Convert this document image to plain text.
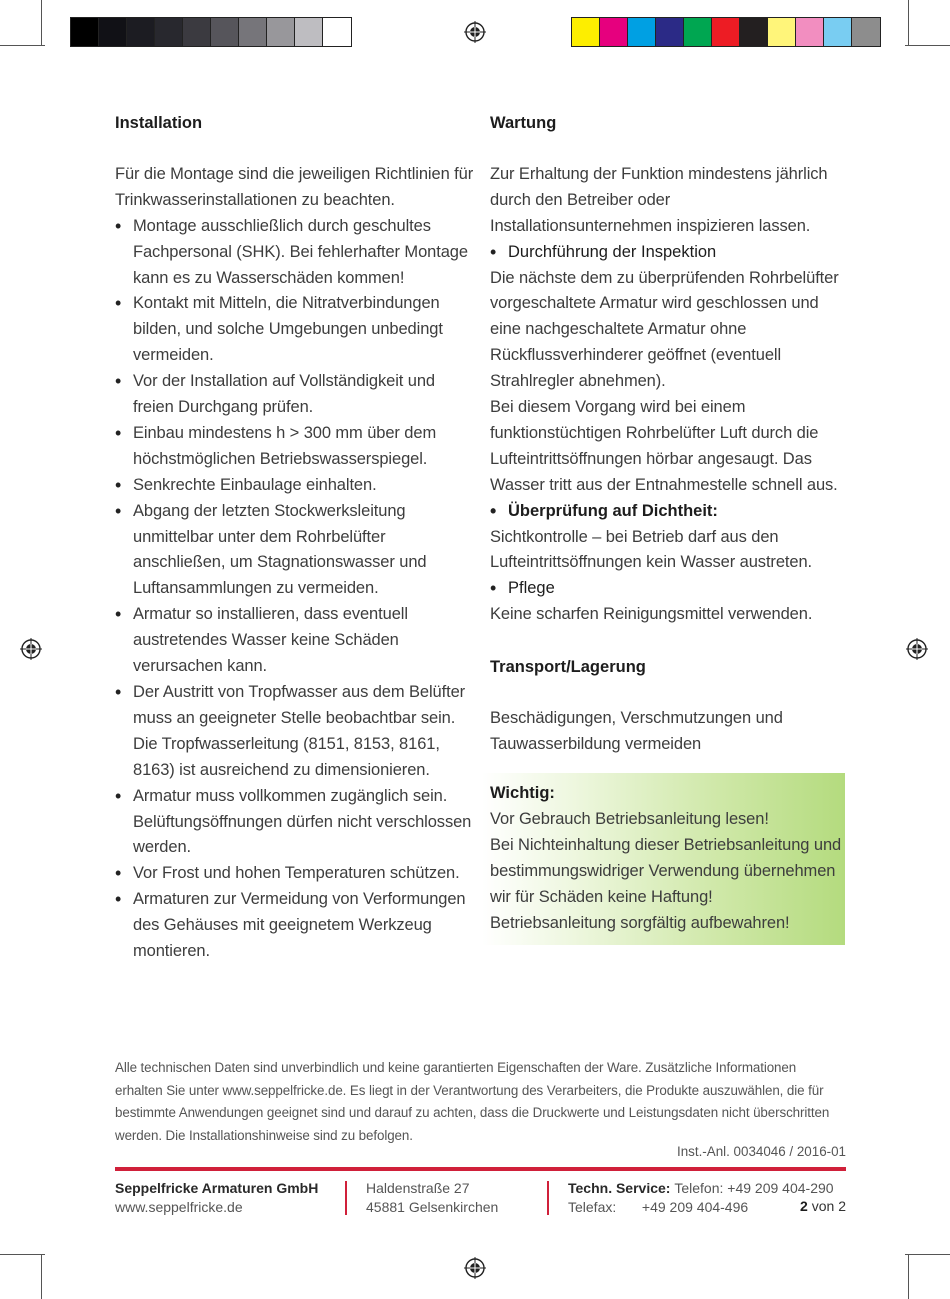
Installation
Für die Montage sind die jeweiligen Richtlinien für Trinkwasserinstallationen zu beachten.
• Montage ausschließlich durch geschultes Fachpersonal (SHK). Bei fehlerhafter Montage kann es zu Wasserschäden kommen!
• Kontakt mit Mitteln, die Nitratverbindungen bilden, und solche Umgebungen unbedingt vermeiden.
• Vor der Installation auf Vollständigkeit und freien Durchgang prüfen.
• Einbau mindestens h > 300 mm über dem höchstmöglichen Betriebswasserspiegel.
• Senkrechte Einbaulage einhalten.
• Abgang der letzten Stockwerksleitung unmittelbar unter dem Rohrbelüfter anschließen, um Stagnationswasser und Luftansammlungen zu vermeiden.
• Armatur so installieren, dass eventuell austretendes Wasser keine Schäden verursachen kann.
• Der Austritt von Tropfwasser aus dem Belüfter muss an geeigneter Stelle beobachtbar sein. Die Tropfwasserleitung (8151, 8153, 8161, 8163) ist ausreichend zu dimensionieren.
• Armatur muss vollkommen zugänglich sein. Belüftungsöffnungen dürfen nicht verschlossen werden.
• Vor Frost und hohen Temperaturen schützen.
• Armaturen zur Vermeidung von Verformungen des Gehäuses mit geeignetem Werkzeug montieren.
Wartung
Zur Erhaltung der Funktion mindestens jährlich durch den Betreiber oder Installationsunternehmen inspizieren lassen.
• Durchführung der Inspektion
Die nächste dem zu überprüfenden Rohrbelüfter vorgeschaltete Armatur wird geschlossen und eine nachgeschaltete Armatur ohne Rückflussverhinderer geöffnet (eventuell Strahlregler abnehmen).
Bei diesem Vorgang wird bei einem funktionstüchtigen Rohrbelüfter Luft durch die Lufteintrittsöffnungen hörbar angesaugt. Das Wasser tritt aus der Entnahmestelle schnell aus.
• Überprüfung auf Dichtheit:
Sichtkontrolle – bei Betrieb darf aus den Lufteintrittsöffnungen kein Wasser austreten.
• Pflege
Keine scharfen Reinigungsmittel verwenden.
Transport/Lagerung
Beschädigungen, Verschmutzungen und Tauwasserbildung vermeiden
Wichtig:
Vor Gebrauch Betriebsanleitung lesen!
Bei Nichteinhaltung dieser Betriebsanleitung und bestimmungswidriger Verwendung übernehmen wir für Schäden keine Haftung!
Betriebsanleitung sorgfältig aufbewahren!
Alle technischen Daten sind unverbindlich und keine garantierten Eigenschaften der Ware. Zusätzliche Informationen erhalten Sie unter www.seppelfricke.de. Es liegt in der Verantwortung des Verarbeiters, die Produkte auszuwählen, die für bestimmte Anwendungen geeignet sind und darauf zu achten, dass die Druckwerte und Leistungsdaten nicht überschritten werden. Die Installationshinweise sind zu befolgen.
Inst.-Anl. 0034046 / 2016-01
Seppelfricke Armaturen GmbH
www.seppelfricke.de
Haldenstraße 27
45881 Gelsenkirchen
Techn. Service: Telefon: +49 209 404-290
Telefax: +49 209 404-496	2 von 2
